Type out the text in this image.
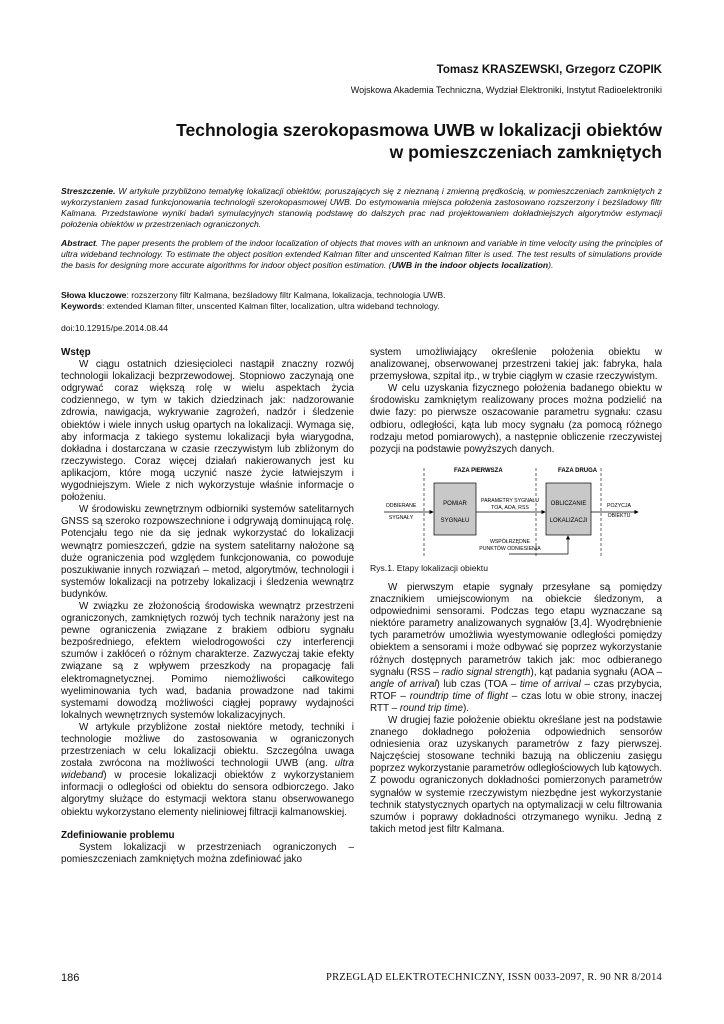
Tomasz KRASZEWSKI, Grzegorz CZOPIK
Wojskowa Akademia Techniczna, Wydział Elektroniki, Instytut Radioelektroniki
Technologia szerokopasmowa UWB w lokalizacji obiektów
w pomieszczeniach zamkniętych
Streszczenie. W artykule przybliżono tematykę lokalizacji obiektów, poruszających się z nieznaną i zmienną prędkością, w pomieszczeniach zamkniętych z wykorzystaniem zasad funkcjonowania technologii szerokopasmowej UWB. Do estymowania miejsca położenia zastosowano rozszerzony i bezśladowy filtr Kalmana. Przedstawione wyniki badań symulacyjnych stanowią podstawę do dalszych prac nad projektowaniem dokładniejszych algorytmów estymacji położenia obiektów w przestrzeniach ograniczonych.
Abstract. The paper presents the problem of the indoor localization of objects that moves with an unknown and variable in time velocity using the principles of ultra wideband technology. To estimate the object position extended Kalman filter and unscented Kalman filter is used. The test results of simulations provide the basis for designing more accurate algorithms for indoor object position estimation. (UWB in the indoor objects localization).
Słowa kluczowe: rozszerzony filtr Kalmana, bezśladowy filtr Kalmana, lokalizacja, technologia UWB.
Keywords: extended Klaman filter, unscented Kalman filter, localization, ultra wideband technology.
doi:10.12915/pe.2014.08.44
Wstęp

W ciągu ostatnich dziesięcioleci nastąpił znaczny rozwój technologii lokalizacji bezprzewodowej. Stopniowo zaczynają one odgrywać coraz większą rolę w wielu aspektach życia codziennego, w tym w takich dziedzinach jak: nadzorowanie zdrowia, nawigacja, wykrywanie zagrożeń, nadzór i śledzenie obiektów i wiele innych usług opartych na lokalizacji. Wymaga się, aby informacja z takiego systemu lokalizacji była wiarygodna, dokładna i dostarczana w czasie rzeczywistym lub zbliżonym do rzeczywistego. Coraz więcej działań nakierowanych jest ku aplikacjom, które mogą uczynić nasze życie łatwiejszym i wygodniejszym. Wiele z nich wykorzystuje właśnie informacje o położeniu.

W środowisku zewnętrznym odbiorniki systemów satelitarnych GNSS są szeroko rozpowszechnione i odgrywają dominującą rolę. Potencjału tego nie da się jednak wykorzystać do lokalizacji wewnątrz pomieszczeń, gdzie na system satelitarny nałożone są duże ograniczenia pod względem funkcjonowania, co powoduje poszukiwanie innych rozwiązań – metod, algorytmów, technologii i systemów lokalizacji na potrzeby lokalizacji i śledzenia wewnątrz budynków.

W związku ze złożonością środowiska wewnątrz przestrzeni ograniczonych, zamkniętych rozwój tych technik narażony jest na pewne ograniczenia związane z brakiem odbioru sygnału bezpośredniego, efektem wielodrogowości czy interferencji szumów i zakłóceń o różnym charakterze. Zazwyczaj takie efekty związane są z wpływem przeszkody na propagację fali elektromagnetycznej. Pomimo niemożliwości całkowitego wyeliminowania tych wad, badania prowadzone nad takimi systemami dowodzą możliwości ciągłej poprawy wydajności lokalnych wewnętrznych systemów lokalizacyjnych.

W artykule przybliżone został niektóre metody, techniki i technologie możliwe do zastosowania w ograniczonych przestrzeniach w celu lokalizacji obiektu. Szczególna uwaga została zwrócona na możliwości technologii UWB (ang. ultra wideband) w procesie lokalizacji obiektów z wykorzystaniem informacji o odległości od obiektu do sensora odbiorczego. Jako algorytmy służące do estymacji wektora stanu obserwowanego obiektu wykorzystano elementy nieliniowej filtracji kalmanowskiej.

Zdefiniowanie problemu

System lokalizacji w przestrzeniach ograniczonych – pomieszczeniach zamkniętych można zdefiniować jako

system umożliwiający określenie położenia obiektu w analizowanej, obserwowanej przestrzeni takiej jak: fabryka, hala przemysłowa, szpital itp., w trybie ciągłym w czasie rzeczywistym.

W celu uzyskania fizycznego położenia badanego obiektu w środowisku zamkniętym realizowany proces można podzielić na dwie fazy: po pierwsze oszacowanie parametru sygnału: czasu odbioru, odległości, kąta lub mocy sygnału (za pomocą różnego rodzaju metod pomiarowych), a następnie obliczenie rzeczywistej pozycji na podstawie powyższych danych.

FAZA PIERWSZA	FAZA DRUGA
POMIAR
SYGNAŁU
OBLICZANIE
LOKALIZACJI
ODBIERANE
SYGNAŁY
PARAMETRY SYGNAŁU
TOA, AOA, RSS	POZYCJA
OBIEKTU
WSPÓŁRZĘDNE
PUNKTÓW ODNIESIENIA
Rys.1. Etapy lokalizacji obiektu

W pierwszym etapie sygnały przesyłane są pomiędzy znacznikiem umiejscowionym na obiekcie śledzonym, a odpowiednimi sensorami. Podczas tego etapu wyznaczane są niektóre parametry analizowanych sygnałów [3,4]. Wyodrębnienie tych parametrów umożliwia wyestymowanie odległości pomiędzy obiektem a sensorami i może odbywać się poprzez wykorzystanie różnych dostępnych parametrów takich jak: moc odbieranego sygnału (RSS – radio signal strength), kąt padania sygnału (AOA – angle of arrival) lub czas (TOA – time of arrival – czas przybycia, RTOF – roundtrip time of flight – czas lotu w obie strony, inaczej RTT – round trip time).

W drugiej fazie położenie obiektu określane jest na podstawie znanego dokładnego położenia odpowiednich sensorów odniesienia oraz uzyskanych parametrów z fazy pierwszej. Najczęściej stosowane techniki bazują na obliczeniu zasięgu poprzez wykorzystanie parametrów odległościowych lub kątowych. Z powodu ograniczonych dokładności pomierzonych parametrów sygnałów w systemie rzeczywistym niezbędne jest wykorzystanie technik statystycznych opartych na optymalizacji w celu filtrowania szumów i poprawy dokładności otrzymanego wyniku. Jedną z takich metod jest filtr Kalmana.

186	PRZEGLĄD ELEKTROTECHNICZNY, ISSN 0033-2097, R. 90 NR 8/2014
